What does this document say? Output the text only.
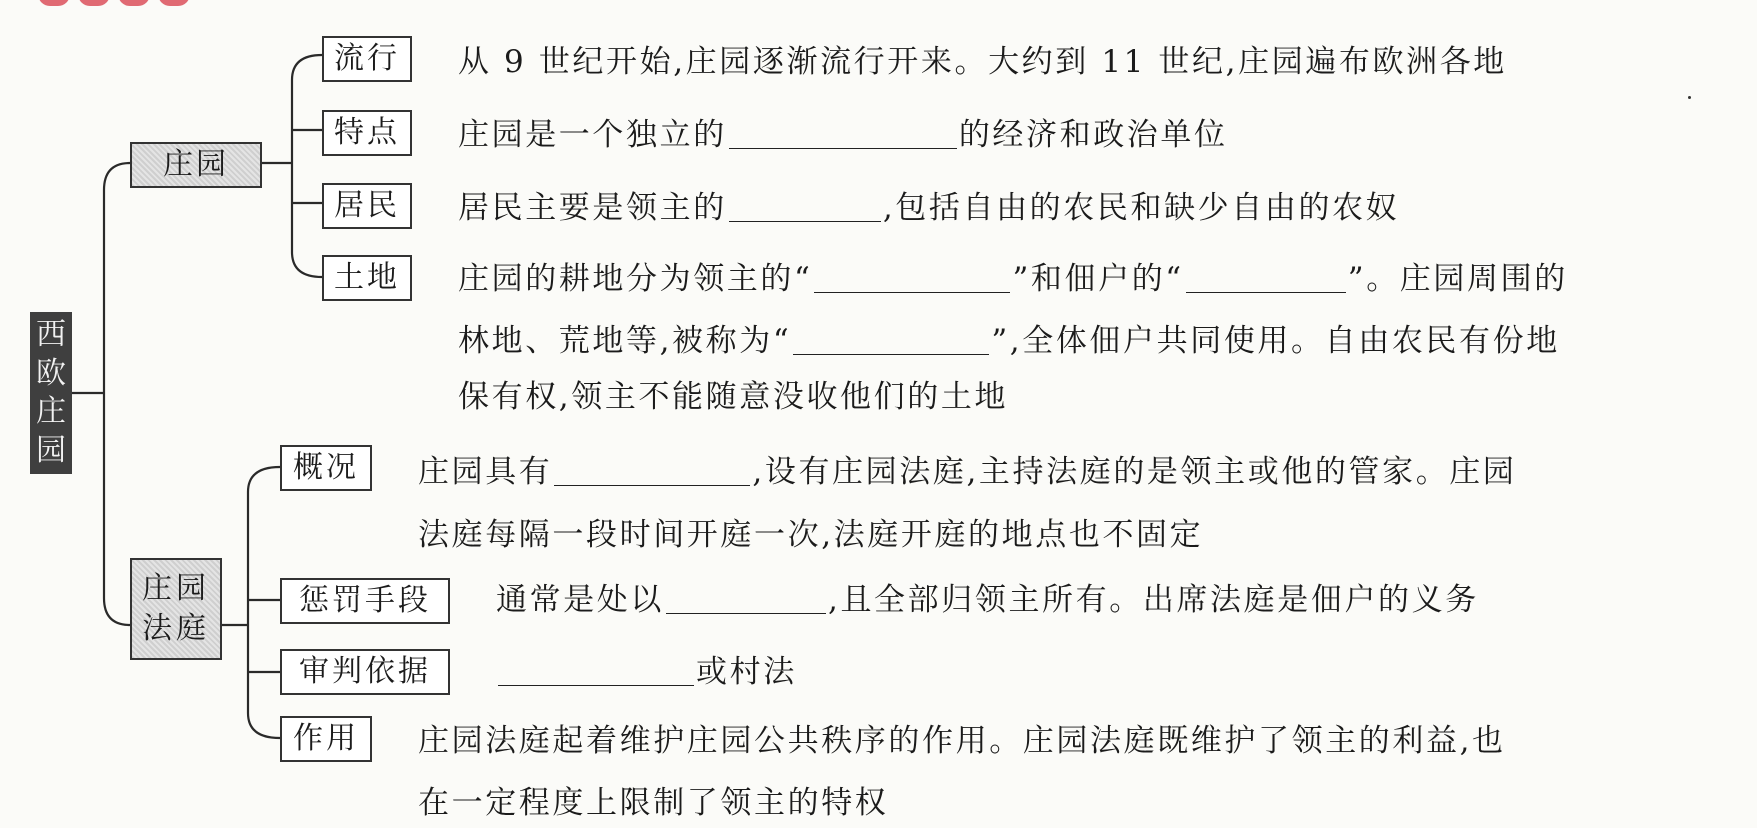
西
欧
庄
园
庄园
庄园
法庭
流行	从 9 世纪开始,庄园逐渐流行开来。大约到 11 世纪,庄园遍布欧洲各地
特点	庄园是一个独立的	的经济和政治单位
居民	居民主要是领主的	,包括自由的农民和缺少自由的农奴
土地	庄园的耕地分为领主的“	”和佃户的“	”。庄园周围的
林地、荒地等,被称为“	”,全体佃户共同使用。自由农民有份地
保有权,领主不能随意没收他们的土地
概况	庄园具有	,设有庄园法庭,主持法庭的是领主或他的管家。庄园
法庭每隔一段时间开庭一次,法庭开庭的地点也不固定
惩罚手段	通常是处以	,且全部归领主所有。出席法庭是佃户的义务
审判依据	或村法
作用	庄园法庭起着维护庄园公共秩序的作用。庄园法庭既维护了领主的利益,也
在一定程度上限制了领主的特权
